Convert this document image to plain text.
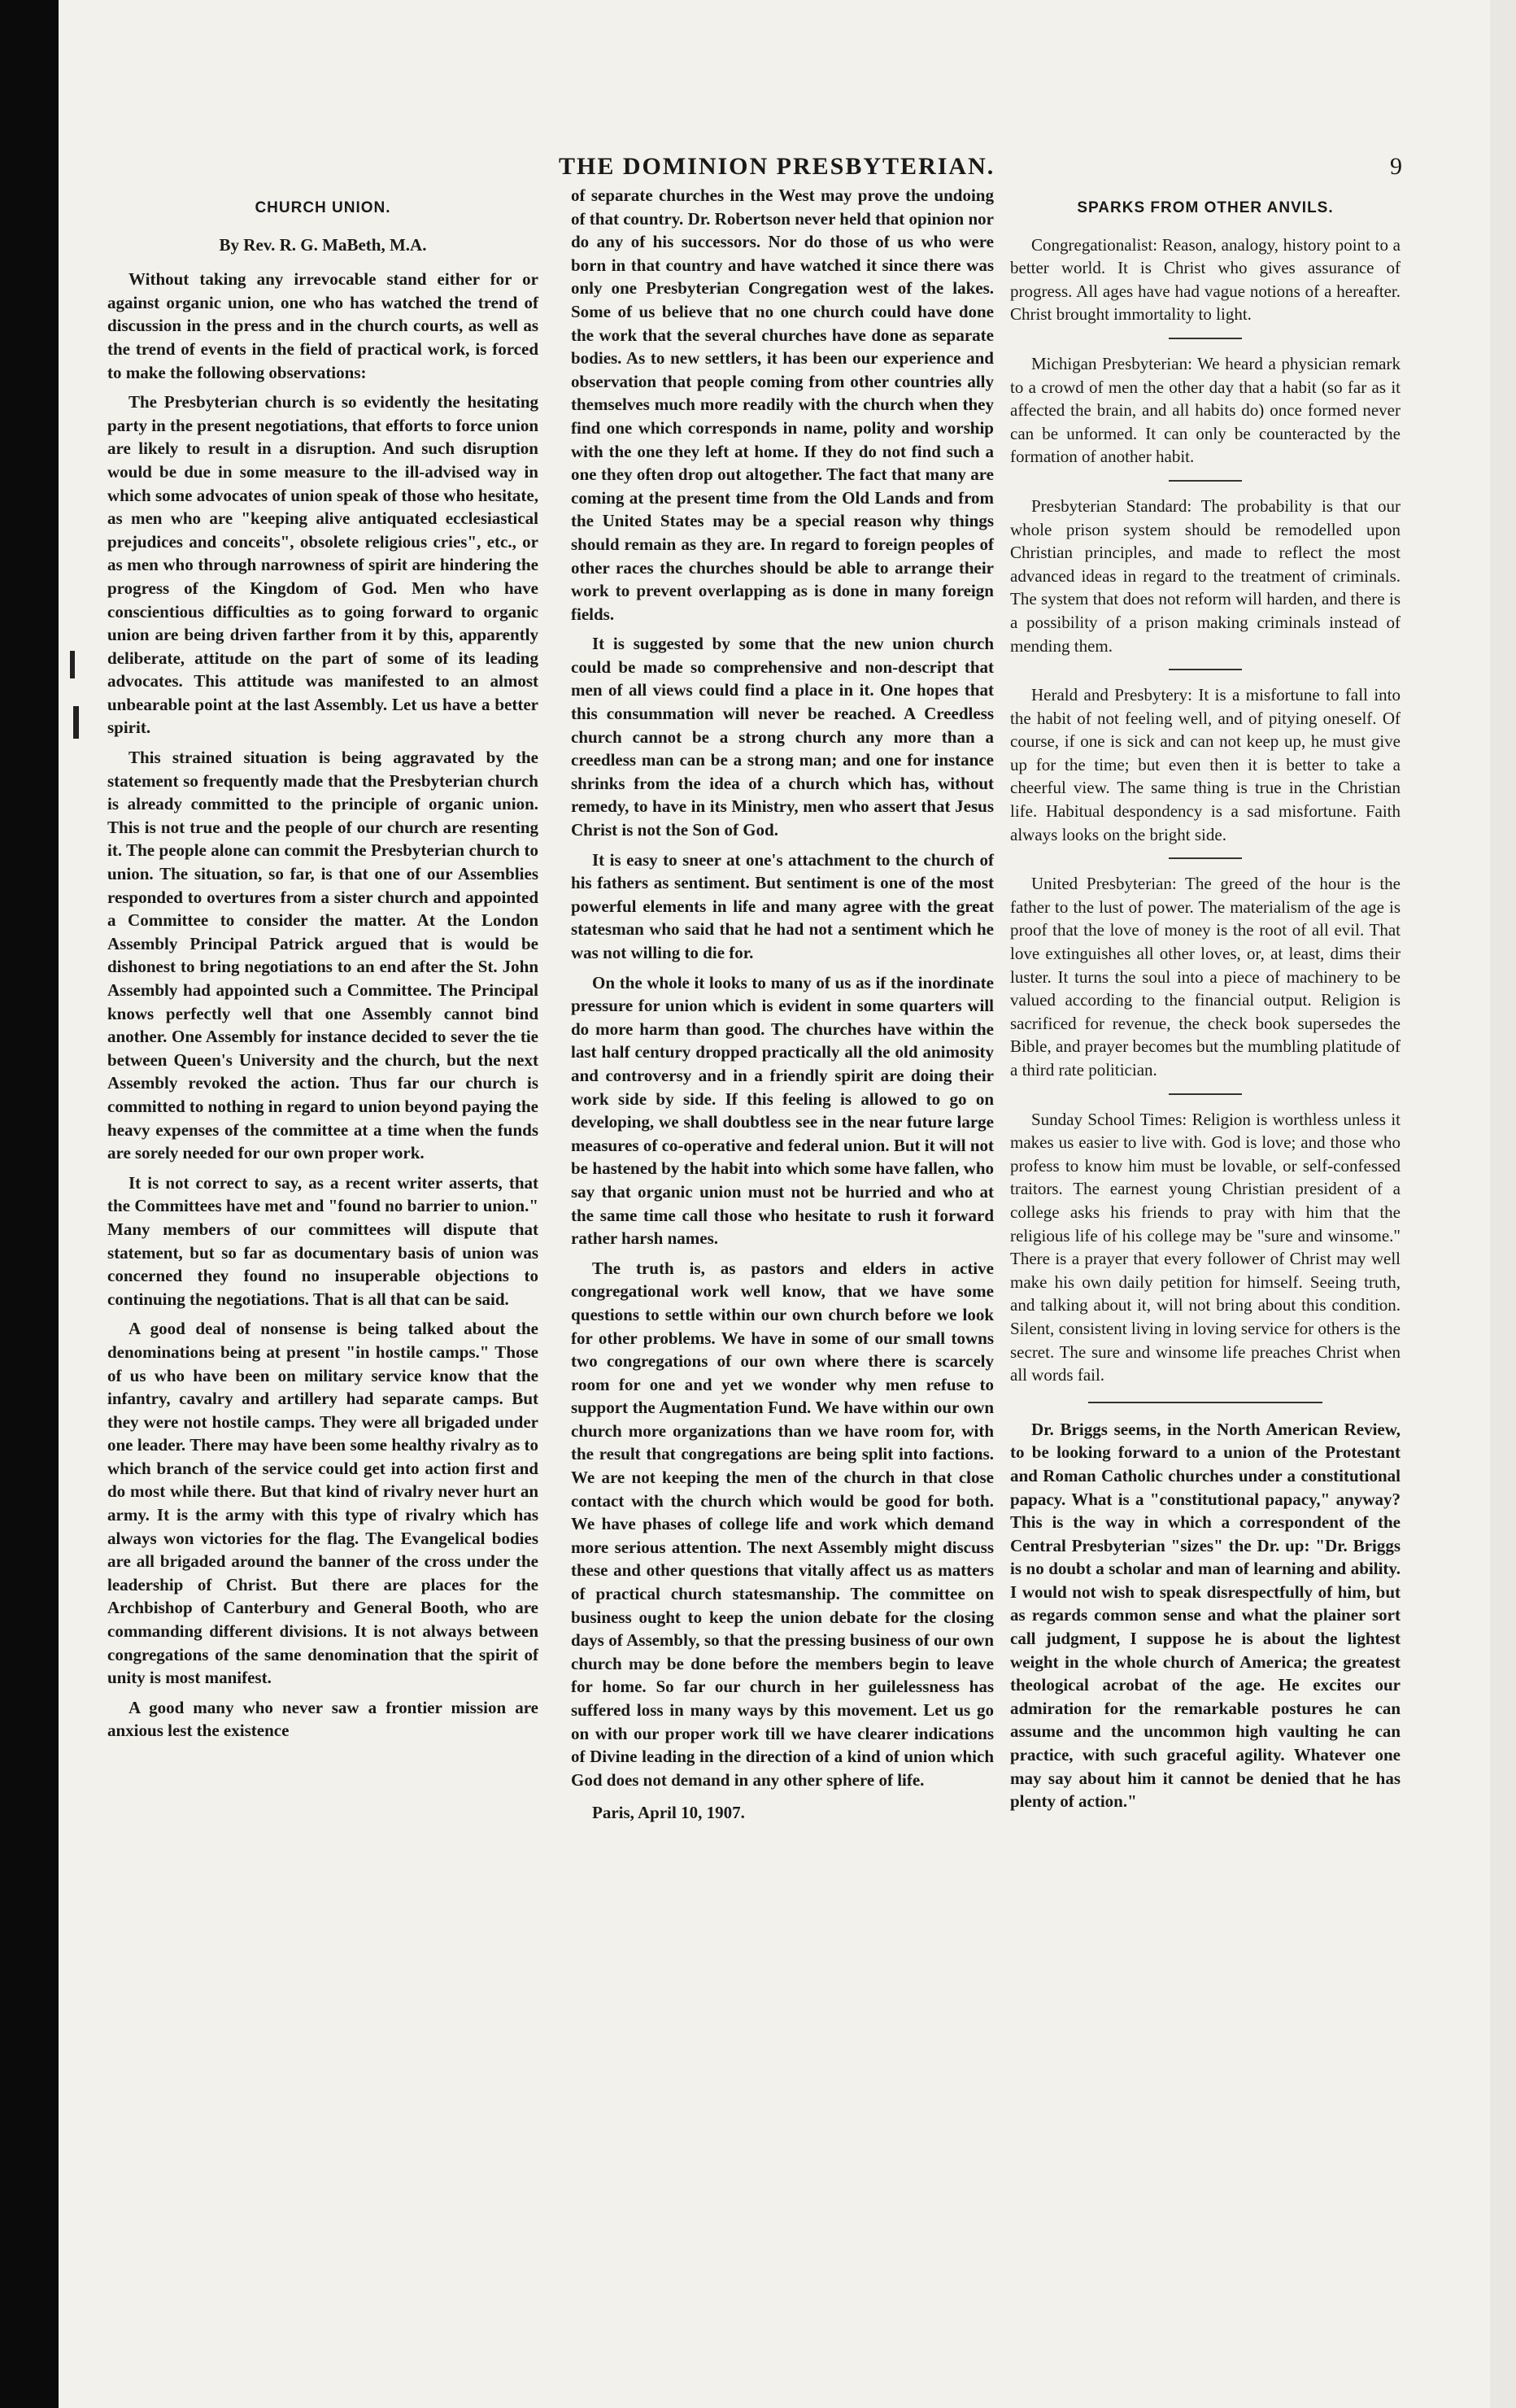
THE DOMINION PRESBYTERIAN.	9
CHURCH UNION.
By Rev. R. G. MaBeth, M.A.

Without taking any irrevocable stand either for or against organic union, one who has watched the trend of discussion in the press and in the church courts, as well as the trend of events in the field of practical work, is forced to make the following observations:

The Presbyterian church is so evidently the hesitating party in the present negotiations, that efforts to force union are likely to result in a disruption. And such disruption would be due in some measure to the ill-advised way in which some advocates of union speak of those who hesitate, as men who are "keeping alive antiquated ecclesiastical prejudices and conceits", obsolete religious cries", etc., or as men who through narrowness of spirit are hindering the progress of the Kingdom of God. Men who have conscientious difficulties as to going forward to organic union are being driven farther from it by this, apparently deliberate, attitude on the part of some of its leading advocates. This attitude was manifested to an almost unbearable point at the last Assembly. Let us have a better spirit.

This strained situation is being aggravated by the statement so frequently made that the Presbyterian church is already committed to the principle of organic union. This is not true and the people of our church are resenting it. The people alone can commit the Presbyterian church to union. The situation, so far, is that one of our Assemblies responded to overtures from a sister church and appointed a Committee to consider the matter. At the London Assembly Principal Patrick argued that is would be dishonest to bring negotiations to an end after the St. John Assembly had appointed such a Committee. The Principal knows perfectly well that one Assembly cannot bind another. One Assembly for instance decided to sever the tie between Queen's University and the church, but the next Assembly revoked the action. Thus far our church is committed to nothing in regard to union beyond paying the heavy expenses of the committee at a time when the funds are sorely needed for our own proper work.

It is not correct to say, as a recent writer asserts, that the Committees have met and "found no barrier to union." Many members of our committees will dispute that statement, but so far as documentary basis of union was concerned they found no insuperable objections to continuing the negotiations. That is all that can be said.

A good deal of nonsense is being talked about the denominations being at present "in hostile camps." Those of us who have been on military service know that the infantry, cavalry and artillery had separate camps. But they were not hostile camps. They were all brigaded under one leader. There may have been some healthy rivalry as to which branch of the service could get into action first and do most while there. But that kind of rivalry never hurt an army. It is the army with this type of rivalry which has always won victories for the flag. The Evangelical bodies are all brigaded around the banner of the cross under the leadership of Christ. But there are places for the Archbishop of Canterbury and General Booth, who are commanding different divisions. It is not always between congregations of the same denomination that the spirit of unity is most manifest.

A good many who never saw a frontier mission are anxious lest the existence

of separate churches in the West may prove the undoing of that country. Dr. Robertson never held that opinion nor do any of his successors. Nor do those of us who were born in that country and have watched it since there was only one Presbyterian Congregation west of the lakes. Some of us believe that no one church could have done the work that the several churches have done as separate bodies. As to new settlers, it has been our experience and observation that people coming from other countries ally themselves much more readily with the church when they find one which corresponds in name, polity and worship with the one they left at home. If they do not find such a one they often drop out altogether. The fact that many are coming at the present time from the Old Lands and from the United States may be a special reason why things should remain as they are. In regard to foreign peoples of other races the churches should be able to arrange their work to prevent overlapping as is done in many foreign fields.

It is suggested by some that the new union church could be made so comprehensive and non-descript that men of all views could find a place in it. One hopes that this consummation will never be reached. A Creedless church cannot be a strong church any more than a creedless man can be a strong man; and one for instance shrinks from the idea of a church which has, without remedy, to have in its Ministry, men who assert that Jesus Christ is not the Son of God.

It is easy to sneer at one's attachment to the church of his fathers as sentiment. But sentiment is one of the most powerful elements in life and many agree with the great statesman who said that he had not a sentiment which he was not willing to die for.

On the whole it looks to many of us as if the inordinate pressure for union which is evident in some quarters will do more harm than good. The churches have within the last half century dropped practically all the old animosity and controversy and in a friendly spirit are doing their work side by side. If this feeling is allowed to go on developing, we shall doubtless see in the near future large measures of co-operative and federal union. But it will not be hastened by the habit into which some have fallen, who say that organic union must not be hurried and who at the same time call those who hesitate to rush it forward rather harsh names.

The truth is, as pastors and elders in active congregational work well know, that we have some questions to settle within our own church before we look for other problems. We have in some of our small towns two congregations of our own where there is scarcely room for one and yet we wonder why men refuse to support the Augmentation Fund. We have within our own church more organizations than we have room for, with the result that congregations are being split into factions. We are not keeping the men of the church in that close contact with the church which would be good for both. We have phases of college life and work which demand more serious attention. The next Assembly might discuss these and other questions that vitally affect us as matters of practical church statesmanship. The committee on business ought to keep the union debate for the closing days of Assembly, so that the pressing business of our own church may be done before the members begin to leave for home. So far our church in her guilelessness has suffered loss in many ways by this movement. Let us go on with our proper work till we have clearer indications of Divine leading in the direction of a kind of union which God does not demand in any other sphere of life.

Paris, April 10, 1907.
SPARKS FROM OTHER ANVILS.

Congregationalist: Reason, analogy, history point to a better world. It is Christ who gives assurance of progress. All ages have had vague notions of a hereafter. Christ brought immortality to light.

Michigan Presbyterian: We heard a physician remark to a crowd of men the other day that a habit (so far as it affected the brain, and all habits do) once formed never can be unformed. It can only be counteracted by the formation of another habit.

Presbyterian Standard: The probability is that our whole prison system should be remodelled upon Christian principles, and made to reflect the most advanced ideas in regard to the treatment of criminals. The system that does not reform will harden, and there is a possibility of a prison making criminals instead of mending them.

Herald and Presbytery: It is a misfortune to fall into the habit of not feeling well, and of pitying oneself. Of course, if one is sick and can not keep up, he must give up for the time; but even then it is better to take a cheerful view. The same thing is true in the Christian life. Habitual despondency is a sad misfortune. Faith always looks on the bright side.

United Presbyterian: The greed of the hour is the father to the lust of power. The materialism of the age is proof that the love of money is the root of all evil. That love extinguishes all other loves, or, at least, dims their luster. It turns the soul into a piece of machinery to be valued according to the financial output. Religion is sacrificed for revenue, the check book supersedes the Bible, and prayer becomes but the mumbling platitude of a third rate politician.

Sunday School Times: Religion is worthless unless it makes us easier to live with. God is love; and those who profess to know him must be lovable, or self-confessed traitors. The earnest young Christian president of a college asks his friends to pray with him that the religious life of his college may be "sure and winsome." There is a prayer that every follower of Christ may well make his own daily petition for himself. Seeing truth, and talking about it, will not bring about this condition. Silent, consistent living in loving service for others is the secret. The sure and winsome life preaches Christ when all words fail.

Dr. Briggs seems, in the North American Review, to be looking forward to a union of the Protestant and Roman Catholic churches under a constitutional papacy. What is a "constitutional papacy," anyway? This is the way in which a correspondent of the Central Presbyterian "sizes" the Dr. up: "Dr. Briggs is no doubt a scholar and man of learning and ability. I would not wish to speak disrespectfully of him, but as regards common sense and what the plainer sort call judgment, I suppose he is about the lightest weight in the whole church of America; the greatest theological acrobat of the age. He excites our admiration for the remarkable postures he can assume and the uncommon high vaulting he can practice, with such graceful agility. Whatever one may say about him it cannot be denied that he has plenty of action."
